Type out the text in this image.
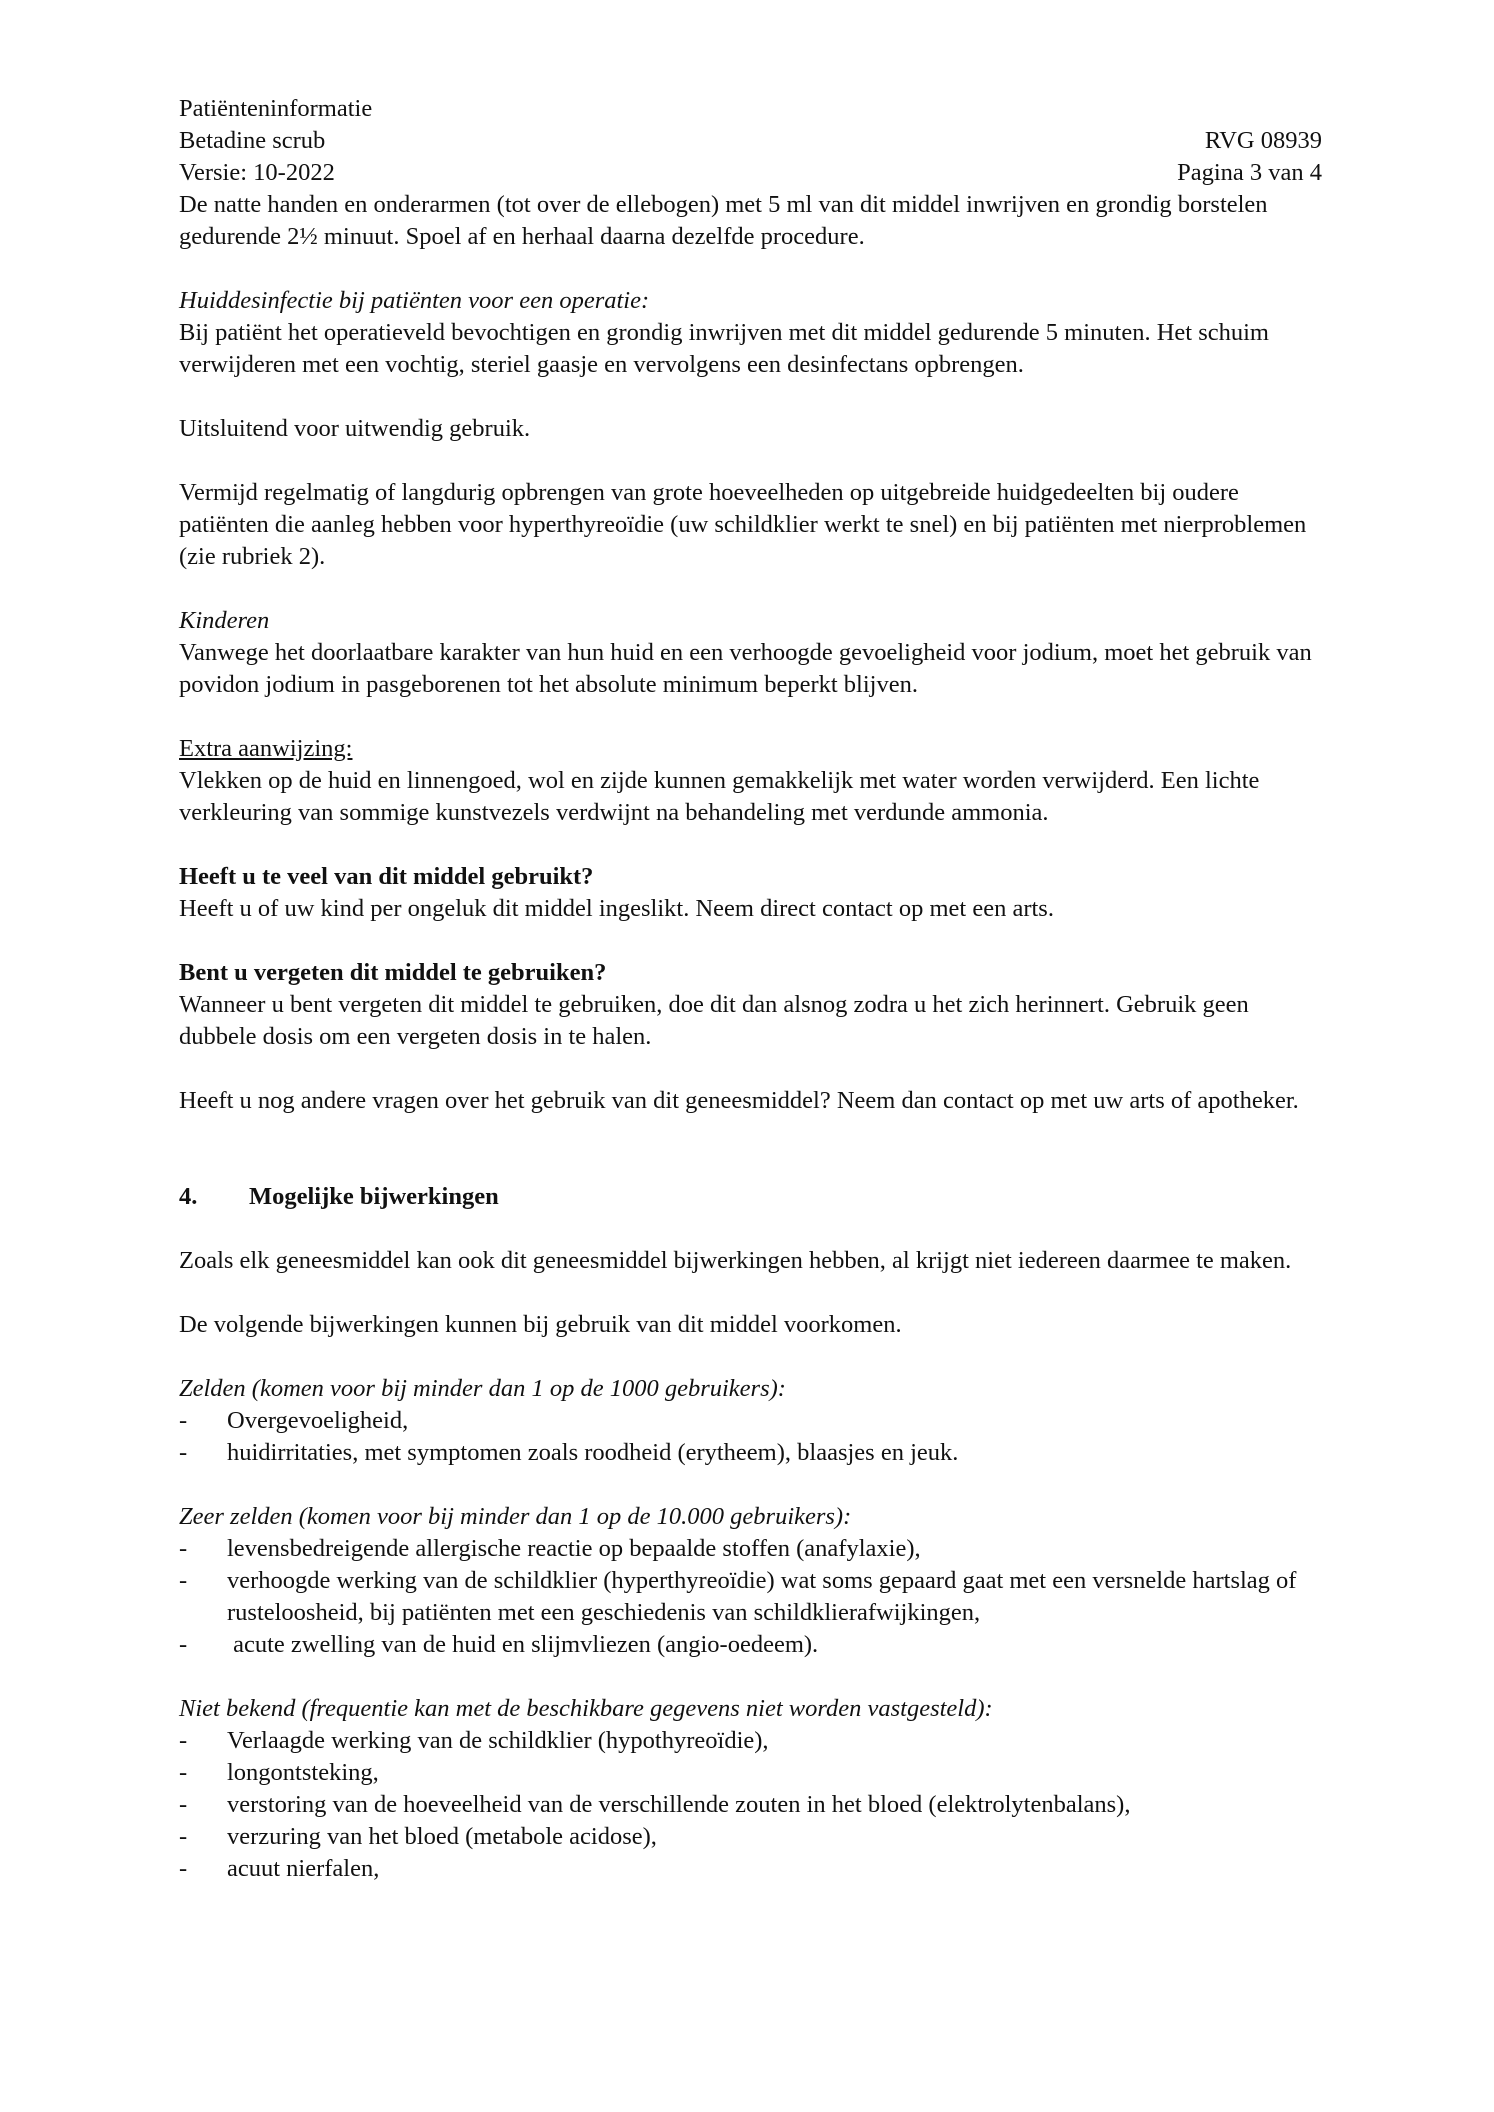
Patiënteninformatie
Betadine scrub	RVG 08939
Versie: 10-2022	Pagina 3 van 4

De natte handen en onderarmen (tot over de ellebogen) met 5 ml van dit middel inwrijven en grondig borstelen gedurende 2½ minuut. Spoel af en herhaal daarna dezelfde procedure.

Huiddesinfectie bij patiënten voor een operatie:

Bij patiënt het operatieveld bevochtigen en grondig inwrijven met dit middel gedurende 5 minuten. Het schuim verwijderen met een vochtig, steriel gaasje en vervolgens een desinfectans opbrengen.

Uitsluitend voor uitwendig gebruik.

Vermijd regelmatig of langdurig opbrengen van grote hoeveelheden op uitgebreide huidgedeelten bij oudere patiënten die aanleg hebben voor hyperthyreoïdie (uw schildklier werkt te snel) en bij patiënten met nierproblemen (zie rubriek 2).

Kinderen

Vanwege het doorlaatbare karakter van hun huid en een verhoogde gevoeligheid voor jodium, moet het gebruik van povidon jodium in pasgeborenen tot het absolute minimum beperkt blijven.

Extra aanwijzing:

Vlekken op de huid en linnengoed, wol en zijde kunnen gemakkelijk met water worden verwijderd. Een lichte verkleuring van sommige kunstvezels verdwijnt na behandeling met verdunde ammonia.

Heeft u te veel van dit middel gebruikt?

Heeft u of uw kind per ongeluk dit middel ingeslikt. Neem direct contact op met een arts.

Bent u vergeten dit middel te gebruiken?

Wanneer u bent vergeten dit middel te gebruiken, doe dit dan alsnog zodra u het zich herinnert. Gebruik geen dubbele dosis om een vergeten dosis in te halen.

Heeft u nog andere vragen over het gebruik van dit geneesmiddel? Neem dan contact op met uw arts of apotheker.

4.	Mogelijke bijwerkingen

Zoals elk geneesmiddel kan ook dit geneesmiddel bijwerkingen hebben, al krijgt niet iedereen daarmee te maken.

De volgende bijwerkingen kunnen bij gebruik van dit middel voorkomen.

Zelden (komen voor bij minder dan 1 op de 1000 gebruikers):

-	Overgevoeligheid,
-	huidirritaties, met symptomen zoals roodheid (erytheem), blaasjes en jeuk.

Zeer zelden (komen voor bij minder dan 1 op de 10.000 gebruikers):

-	levensbedreigende allergische reactie op bepaalde stoffen (anafylaxie),
-	verhoogde werking van de schildklier (hyperthyreoïdie) wat soms gepaard gaat met een versnelde hartslag of rusteloosheid, bij patiënten met een geschiedenis van schildklierafwijkingen,
-	acute zwelling van de huid en slijmvliezen (angio-oedeem).

Niet bekend (frequentie kan met de beschikbare gegevens niet worden vastgesteld):

-	Verlaagde werking van de schildklier (hypothyreoïdie),
-	longontsteking,
-	verstoring van de hoeveelheid van de verschillende zouten in het bloed (elektrolytenbalans),
-	verzuring van het bloed (metabole acidose),
-	acuut nierfalen,
